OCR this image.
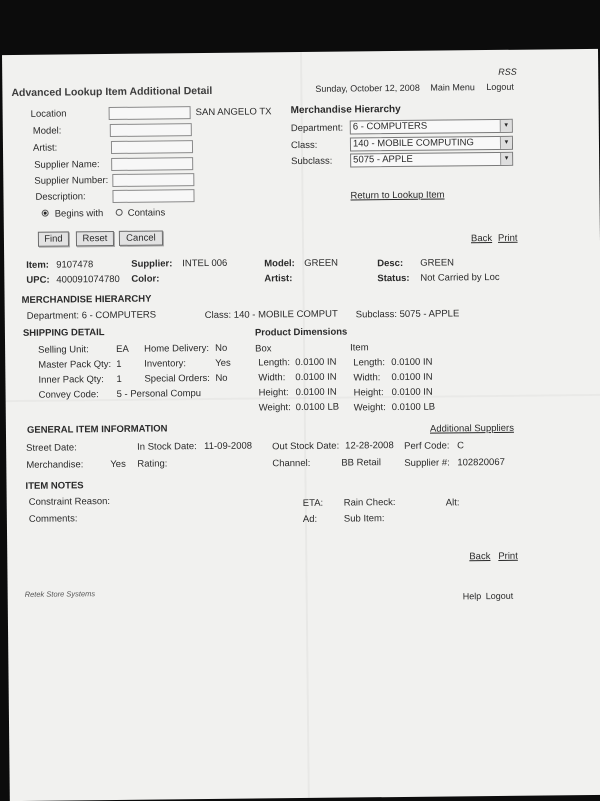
RSS
Advanced Lookup Item Additional Detail	Sunday, October 12, 2008 Main Menu Logout
Location	SAN ANGELO TX
Model:
Artist:
Supplier Name:
Supplier Number:
Description:
Begins with	Contains
Find	Reset	Cancel
Merchandise Hierarchy
Department:	6 - COMPUTERS	▼
Class:	140 - MOBILE COMPUTING	▼
Subclass:	5075 - APPLE	▼
Return to Lookup Item
Back Print
Item: 9107478	Supplier: INTEL 006	Model: GREEN	Desc: GREEN
UPC: 400091074780 Color:	Artist:	Status: Not Carried by Loc
MERCHANDISE HIERARCHY
Department: 6 - COMPUTERS	Class: 140 - MOBILE COMPUT Subclass: 5075 - APPLE
SHIPPING DETAIL
Selling Unit:	EA
Master Pack Qty: 1
Inner Pack Qty: 1
Convey Code: 5 - Personal Compu
Home Delivery: No
Inventory:	Yes
Special Orders: No
Product Dimensions
Box	Item
Length: 0.0100 IN Length: 0.0100 IN
Width: 0.0100 IN Width: 0.0100 IN
Height: 0.0100 IN Height: 0.0100 IN
Weight: 0.0100 LB Weight: 0.0100 LB
GENERAL ITEM INFORMATION	Additional Suppliers
Street Date:	In Stock Date: 11-09-2008 Out Stock Date: 12-28-2008 Perf Code: C
Merchandise:	Yes Rating:	Channel:	BB Retail Supplier #: 102820067
ITEM NOTES
Constraint Reason:
Comments:
ETA: Rain Check:	Alt:
Ad:	Sub Item:
Back Print
Retek Store Systems	Help Logout
